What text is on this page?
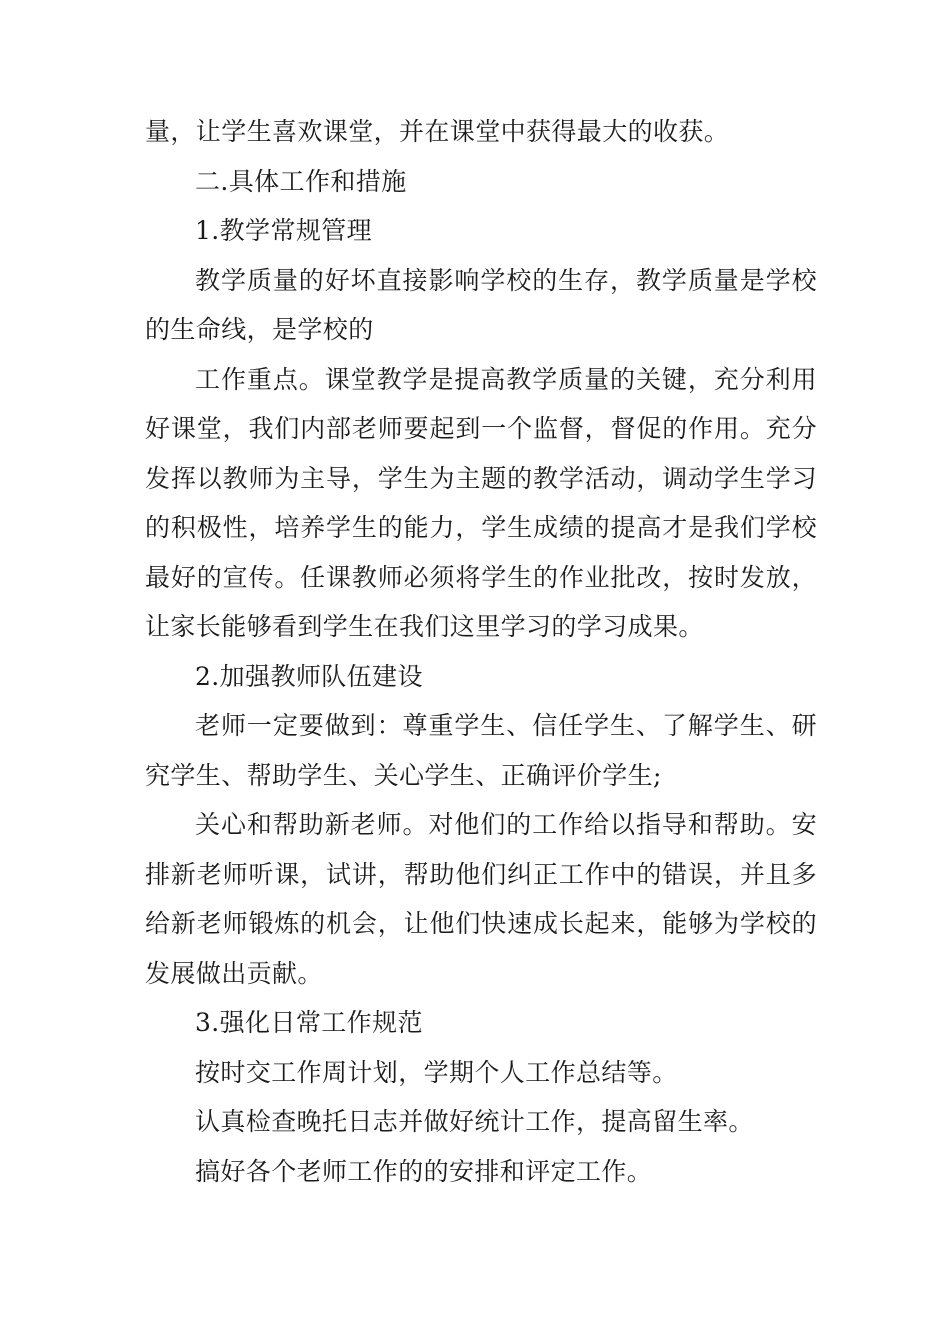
量，让学生喜欢课堂，并在课堂中获得最大的收获。

二.具体工作和措施

1.教学常规管理

教学质量的好坏直接影响学校的生存，教学质量是学校的生命线，是学校的

工作重点。课堂教学是提高教学质量的关键，充分利用好课堂，我们内部老师要起到一个监督，督促的作用。充分发挥以教师为主导，学生为主题的教学活动，调动学生学习的积极性，培养学生的能力，学生成绩的提高才是我们学校最好的宣传。任课教师必须将学生的作业批改，按时发放，让家长能够看到学生在我们这里学习的学习成果。

2.加强教师队伍建设

老师一定要做到：尊重学生、信任学生、了解学生、研究学生、帮助学生、关心学生、正确评价学生;

关心和帮助新老师。对他们的工作给以指导和帮助。安排新老师听课，试讲，帮助他们纠正工作中的错误，并且多给新老师锻炼的机会，让他们快速成长起来，能够为学校的发展做出贡献。

3.强化日常工作规范

按时交工作周计划，学期个人工作总结等。

认真检查晚托日志并做好统计工作，提高留生率。

搞好各个老师工作的的安排和评定工作。
